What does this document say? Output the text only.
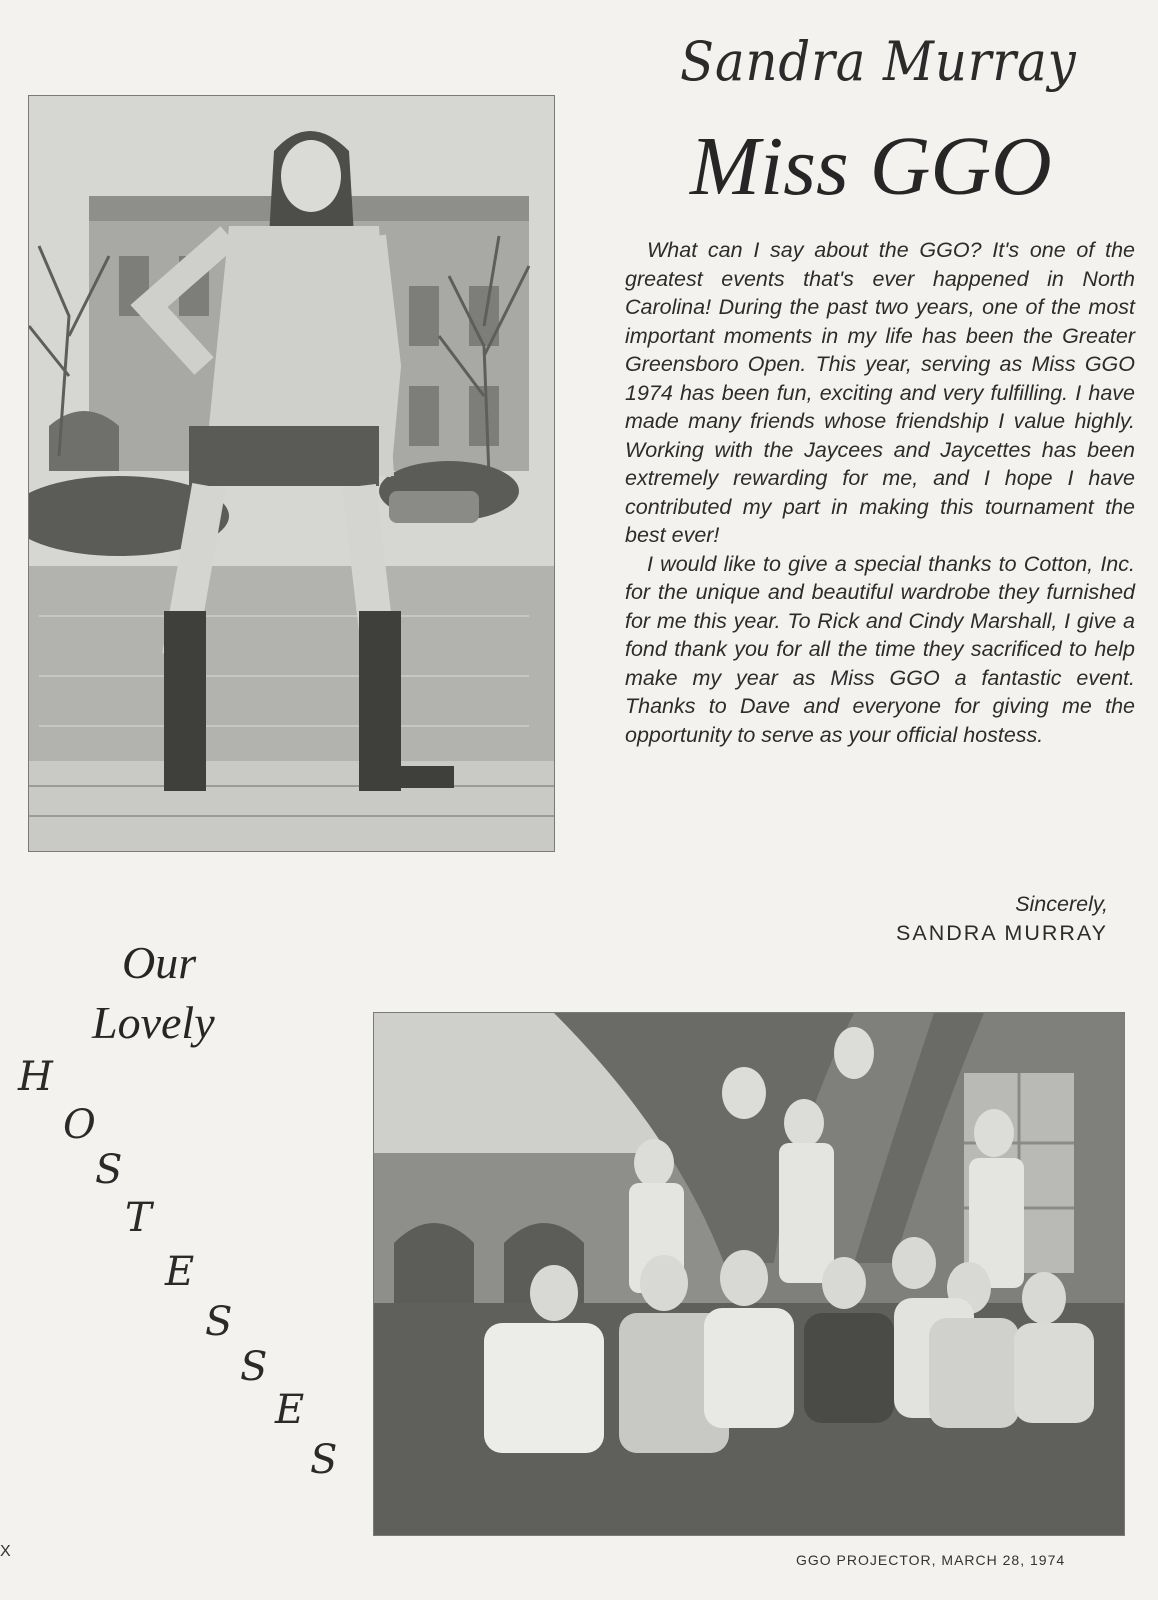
Sandra Murray
Miss GGO

What can I say about the GGO? It's one of the greatest events that's ever happened in North Carolina! During the past two years, one of the most important moments in my life has been the Greater Greensboro Open. This year, serving as Miss GGO 1974 has been fun, exciting and very fulfilling. I have made many friends whose friendship I value highly. Working with the Jaycees and Jaycettes has been extremely rewarding for me, and I hope I have contributed my part in making this tournament the best ever!

I would like to give a special thanks to Cotton, Inc. for the unique and beautiful wardrobe they furnished for me this year. To Rick and Cindy Marshall, I give a fond thank you for all the time they sacrificed to help make my year as Miss GGO a fantastic event. Thanks to Dave and everyone for giving me the opportunity to serve as your official hostess.

Sincerely,
SANDRA MURRAY
Our
Lovely
H
O
S
T
E
S
S
E
S
X	GGO PROJECTOR, MARCH 28, 1974
